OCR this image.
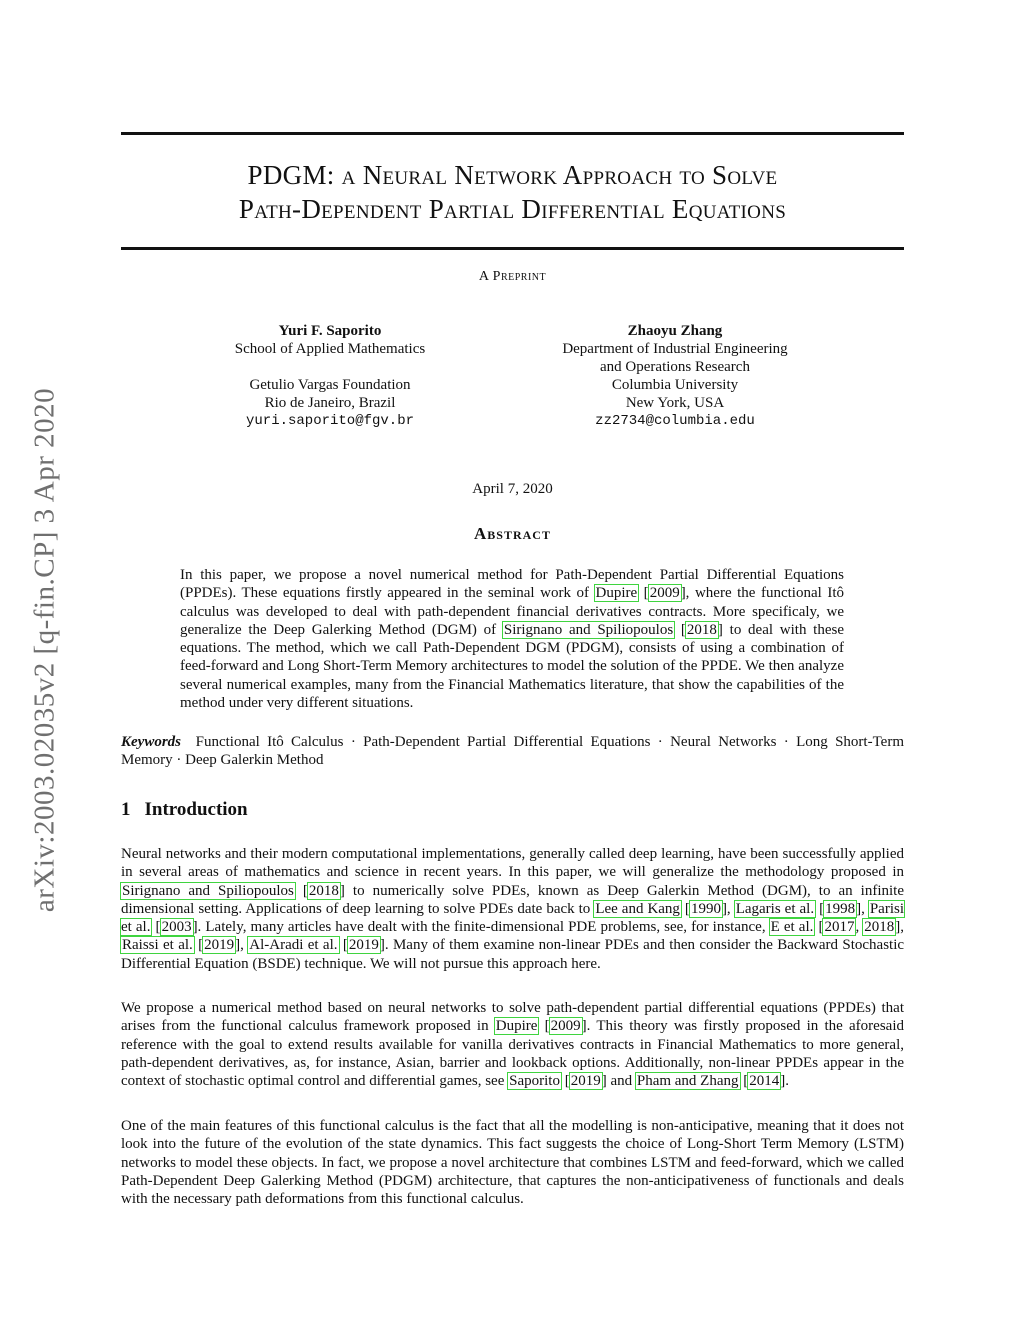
arXiv:2003.02035v2 [q-fin.CP] 3 Apr 2020
PDGM: a Neural Network Approach to Solve
Path-Dependent Partial Differential Equations
A Preprint
Yuri F. Saporito
School of Applied Mathematics
Getulio Vargas Foundation
Rio de Janeiro, Brazil
yuri.saporito@fgv.br
Zhaoyu Zhang
Department of Industrial Engineering
and Operations Research
Columbia University
New York, USA
zz2734@columbia.edu
April 7, 2020
Abstract
In this paper, we propose a novel numerical method for Path-Dependent Partial Differential Equations (PPDEs). These equations firstly appeared in the seminal work of Dupire [2009], where the functional Itô calculus was developed to deal with path-dependent financial derivatives contracts. More specificaly, we generalize the Deep Galerking Method (DGM) of Sirignano and Spiliopoulos [2018] to deal with these equations. The method, which we call Path-Dependent DGM (PDGM), consists of using a combination of feed-forward and Long Short-Term Memory architectures to model the solution of the PPDE. We then analyze several numerical examples, many from the Financial Mathematics literature, that show the capabilities of the method under very different situations.
Keywords Functional Itô Calculus · Path-Dependent Partial Differential Equations · Neural Networks · Long Short-Term Memory · Deep Galerkin Method
1 Introduction
Neural networks and their modern computational implementations, generally called deep learning, have been successfully applied in several areas of mathematics and science in recent years. In this paper, we will generalize the methodology proposed in Sirignano and Spiliopoulos [2018] to numerically solve PDEs, known as Deep Galerkin Method (DGM), to an infinite dimensional setting. Applications of deep learning to solve PDEs date back to Lee and Kang [1990], Lagaris et al. [1998], Parisi et al. [2003]. Lately, many articles have dealt with the finite-dimensional PDE problems, see, for instance, E et al. [2017, 2018], Raissi et al. [2019], Al-Aradi et al. [2019]. Many of them examine non-linear PDEs and then consider the Backward Stochastic Differential Equation (BSDE) technique. We will not pursue this approach here.
We propose a numerical method based on neural networks to solve path-dependent partial differential equations (PPDEs) that arises from the functional calculus framework proposed in Dupire [2009]. This theory was firstly proposed in the aforesaid reference with the goal to extend results available for vanilla derivatives contracts in Financial Mathematics to more general, path-dependent derivatives, as, for instance, Asian, barrier and lookback options. Additionally, non-linear PPDEs appear in the context of stochastic optimal control and differential games, see Saporito [2019] and Pham and Zhang [2014].
One of the main features of this functional calculus is the fact that all the modelling is non-anticipative, meaning that it does not look into the future of the evolution of the state dynamics. This fact suggests the choice of Long-Short Term Memory (LSTM) networks to model these objects. In fact, we propose a novel architecture that combines LSTM and feed-forward, which we called Path-Dependent Deep Galerking Method (PDGM) architecture, that captures the non-anticipativeness of functionals and deals with the necessary path deformations from this functional calculus.
